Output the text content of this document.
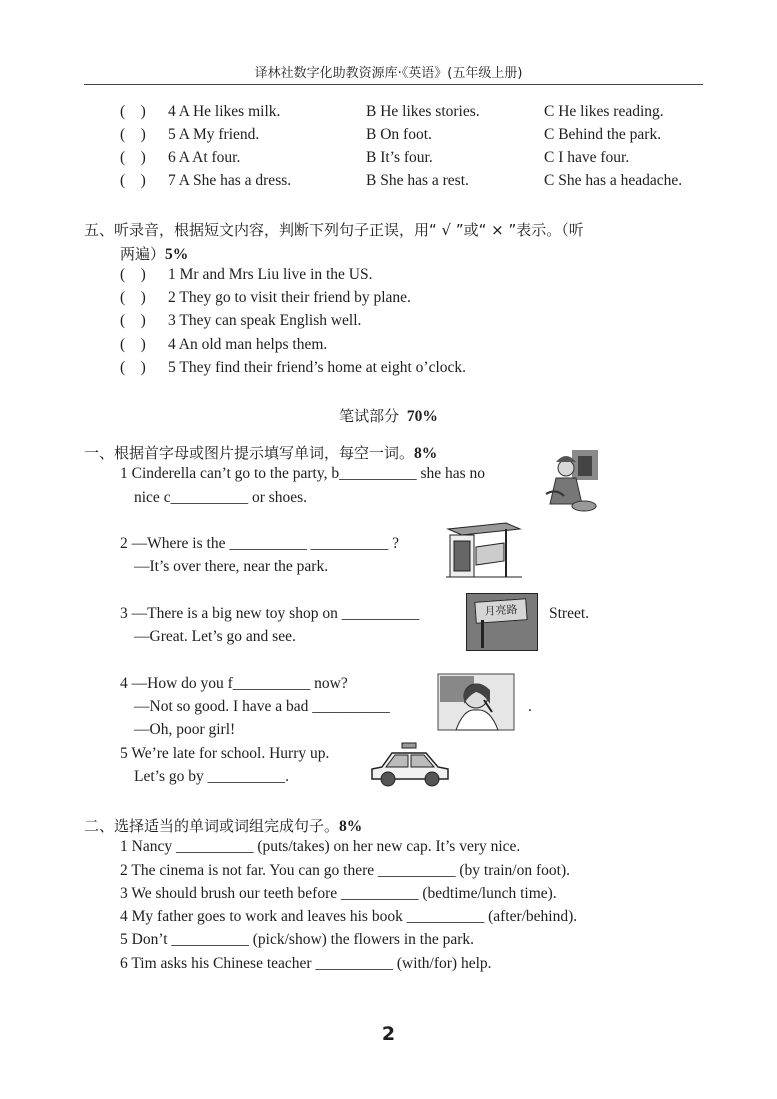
译林社数字化助教资源库·《英语》(五年级上册)
(    ) 4 A He likes milk.	B He likes stories.	C He likes reading.
(    ) 5 A My friend.	B On foot.	C Behind the park.
(    ) 6 A At four.	B It’s four.	C I have four.
(    ) 7 A She has a dress.	B She has a rest.	C She has a headache.
五、听录音，根据短文内容，判断下列句子正误，用“ √ ”或“ × ”表示。（听
两遍）5%
(    ) 1 Mr and Mrs Liu live in the US.
(    ) 2 They go to visit their friend by plane.
(    ) 3 They can speak English well.
(    ) 4 An old man helps them.
(    ) 5 They find their friend’s home at eight o’clock.
笔试部分 70%
一、根据首字母或图片提示填写单词，每空一词。8%
1 Cinderella can’t go to the party, b__________ she has no
nice c__________ or shoes.
2 —Where is the __________ __________ ?
—It’s over there, near the park.
3 —There is a big new toy shop on __________	Street.
—Great. Let’s go and see.
月亮路
4 —How do you f__________ now?
—Not so good. I have a bad __________	.
—Oh, poor girl!
5 We’re late for school. Hurry up.
Let’s go by __________.
二、选择适当的单词或词组完成句子。8%
1 Nancy __________ (puts/takes) on her new cap. It’s very nice.
2 The cinema is not far. You can go there __________ (by train/on foot).
3 We should brush our teeth before __________ (bedtime/lunch time).
4 My father goes to work and leaves his book __________ (after/behind).
5 Don’t __________ (pick/show) the flowers in the park.
6 Tim asks his Chinese teacher __________ (with/for) help.
2
